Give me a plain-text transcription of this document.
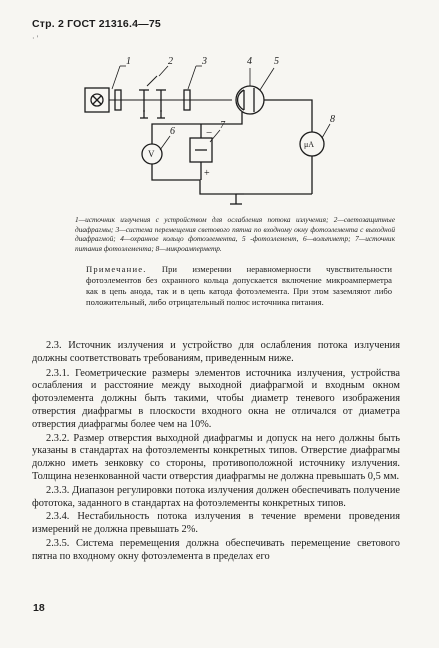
Стр. 2 ГОСТ 21316.4—75
· '
1	2	3	4 5
6
7
8
V
μA
−
+

1—источник излучения с устройством для ослабления потока излучения; 2—светозащитные диафрагмы; 3—система перемещения светового пятна по входному окну фотоэлемента с выходной диафрагмой; 4—охранное кольцо фотоэлемента, 5 -фотоэлемент, 6—вольтметр; 7—источник питания фотоэлемента; 8—микроамперметр.

Примечание. При измерении неравномерности чувствительности фотоэлементов без охранного кольца допускается включение микроамперметра как в цепь анода, так и в цепь катода фотоэлемента. При этом заземляют либо положительный, либо отрицательный полюс источника питания.

2.3. Источник излучения и устройство для ослабления потока излучения должны соответствовать требованиям, приведенным ниже.

2.3.1. Геометрические размеры элементов источника излучения, устройства ослабления и расстояние между выходной диафрагмой и входным окном фотоэлемента должны быть такими, чтобы диаметр теневого изображения отверстия диафрагмы в плоскости входного окна не отличался от диаметра отверстия диафрагмы более чем на 10%.

2.3.2. Размер отверстия выходной диафрагмы и допуск на него должны быть указаны в стандартах на фотоэлементы конкретных типов. Отверстие диафрагмы должно иметь зенковку со стороны, противоположной источнику излучения. Толщина незенкованной части отверстия диафрагмы не должна превышать 0,5 мм.

2.3.3. Диапазон регулировки потока излучения должен обеспечивать получение фототока, заданного в стандартах на фотоэлементы конкретных типов.

2.3.4. Нестабильность потока излучения в течение времени проведения измерений не должна превышать 2%.

2.3.5. Система перемещения должна обеспечивать перемещение светового пятна по входному окну фотоэлемента в пределах его

18
